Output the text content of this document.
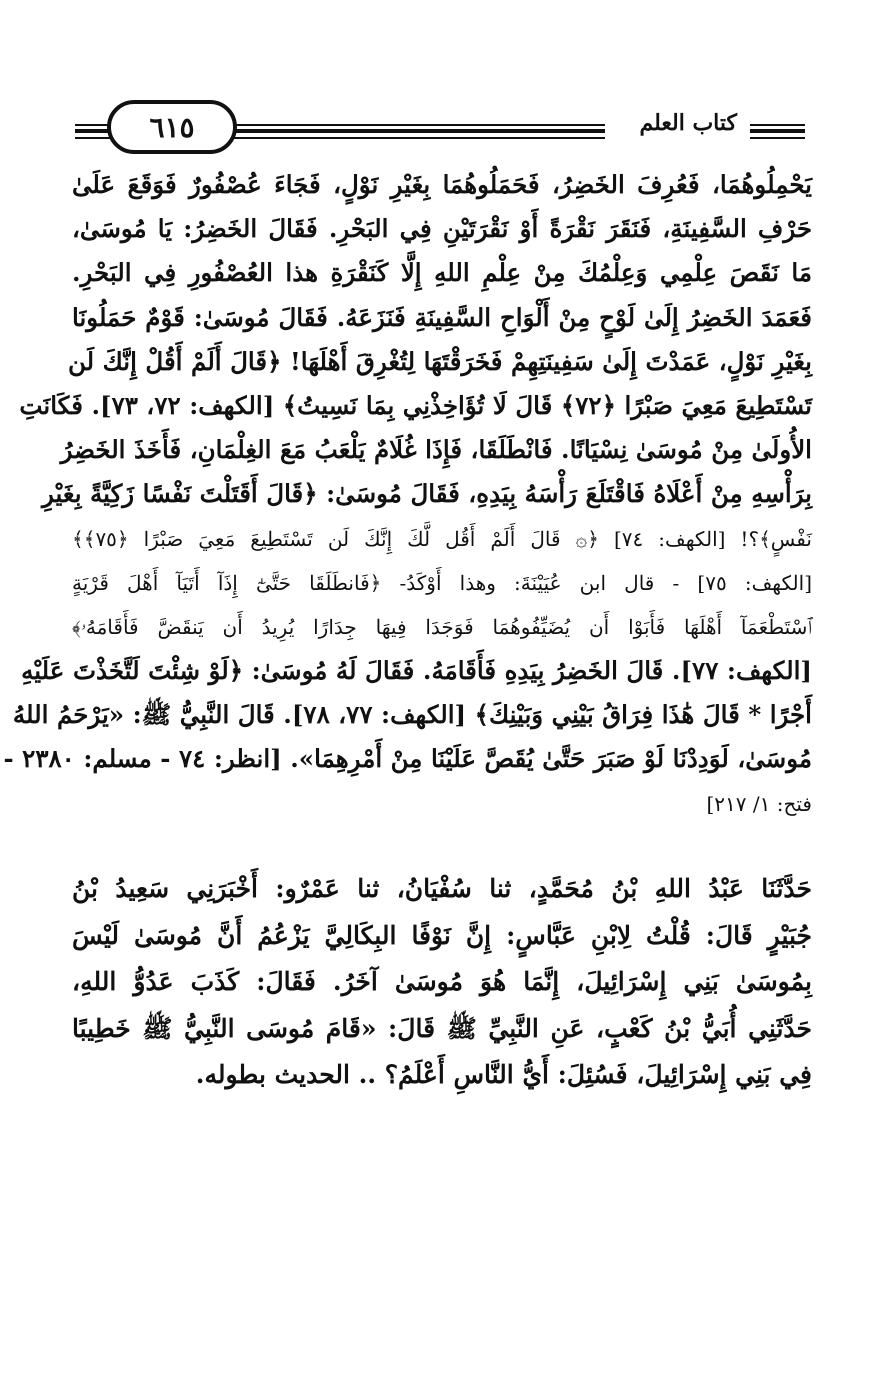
٦١٥	كتاب العلم
يَحْمِلُوهُمَا، فَعُرِفَ الخَضِرُ، فَحَمَلُوهُمَا بِغَيْرِ نَوْلٍ، فَجَاءَ عُصْفُورٌ فَوَقَعَ عَلَىٰ
حَرْفِ السَّفِينَةِ، فَنَقَرَ نَقْرَةً أَوْ نَقْرَتَيْنِ فِي البَحْرِ. فَقَالَ الخَضِرُ: يَا مُوسَىٰ،
مَا نَقَصَ عِلْمِي وَعِلْمُكَ مِنْ عِلْمِ اللهِ إِلَّا كَنَقْرَةِ هذا العُصْفُورِ فِي البَحْرِ.
فَعَمَدَ الخَضِرُ إِلَىٰ لَوْحٍ مِنْ أَلْوَاحِ السَّفِينَةِ فَنَزَعَهُ. فَقَالَ مُوسَىٰ: قَوْمٌ حَمَلُونَا
بِغَيْرِ نَوْلٍ، عَمَدْتَ إِلَىٰ سَفِينَتِهِمْ فَخَرَقْتَهَا لِتُغْرِقَ أَهْلَهَا! ﴿قَالَ أَلَمْ أَقُلْ إِنَّكَ لَن
تَسْتَطِيعَ مَعِيَ صَبْرًا ﴿٧٢﴾ قَالَ لَا تُؤَاخِذْنِي بِمَا نَسِيتُ﴾ [الكهف: ٧٢، ٧٣]. فَكَانَتِ
الأُولَىٰ مِنْ مُوسَىٰ نِسْيَانًا. فَانْطَلَقَا، فَإِذَا غُلَامٌ يَلْعَبُ مَعَ الغِلْمَانِ، فَأَخَذَ الخَضِرُ
بِرَأْسِهِ مِنْ أَعْلَاهُ فَاقْتَلَعَ رَأْسَهُ بِيَدِهِ، فَقَالَ مُوسَىٰ: ﴿قَالَ أَقَتَلْتَ نَفْسًا زَكِيَّةً بِغَيْرِ
نَفْسٍ﴾؟! [الكهف: ٧٤] ﴿۞ قَالَ أَلَمْ أَقُل لَّكَ إِنَّكَ لَن تَسْتَطِيعَ مَعِيَ صَبْرًا ﴿٧٥﴾﴾
[الكهف: ٧٥] - قال ابن عُيَيْنَةَ: وهذا أَوْكَدُ- ﴿فَانطَلَقَا حَتَّىٰٓ إِذَآ أَتَيَآ أَهْلَ قَرْيَةٍ
ٱسْتَطْعَمَآ أَهْلَهَا فَأَبَوْا أَن يُضَيِّفُوهُمَا فَوَجَدَا فِيهَا جِدَارًا يُرِيدُ أَن يَنقَضَّ فَأَقَامَهُۥ﴾
[الكهف: ٧٧]. قَالَ الخَضِرُ بِيَدِهِ فَأَقَامَهُ. فَقَالَ لَهُ مُوسَىٰ: ﴿لَوْ شِئْتَ لَتَّخَذْتَ عَلَيْهِ
أَجْرًا * قَالَ هَٰذَا فِرَاقُ بَيْنِي وَبَيْنِكَ﴾ [الكهف: ٧٧، ٧٨]. قَالَ النَّبِيُّ ﷺ: «يَرْحَمُ اللهُ
مُوسَىٰ، لَوَدِدْنَا لَوْ صَبَرَ حَتَّىٰ يُقَصَّ عَلَيْنَا مِنْ أَمْرِهِمَا». [انظر: ٧٤ - مسلم: ٢٣٨٠ -
فتح: ١/ ٢١٧]
حَدَّثَنَا عَبْدُ اللهِ بْنُ مُحَمَّدٍ، ثنا سُفْيَانُ، ثنا عَمْرٌو: أَخْبَرَنِي سَعِيدُ بْنُ
جُبَيْرٍ قَالَ: قُلْتُ لِابْنِ عَبَّاسٍ: إِنَّ نَوْفًا البِكَالِيَّ يَزْعُمُ أَنَّ مُوسَىٰ لَيْسَ
بِمُوسَىٰ بَنِي إِسْرَائِيلَ، إِنَّمَا هُوَ مُوسَىٰ آخَرُ. فَقَالَ: كَذَبَ عَدُوُّ اللهِ،
حَدَّثَنِي أُبَيُّ بْنُ كَعْبٍ، عَنِ النَّبِيِّ ﷺ قَالَ: «قَامَ مُوسَى النَّبِيُّ ﷺ خَطِيبًا
فِي بَنِي إِسْرَائِيلَ، فَسُئِلَ: أَيُّ النَّاسِ أَعْلَمُ؟ .. الحديث بطوله.
